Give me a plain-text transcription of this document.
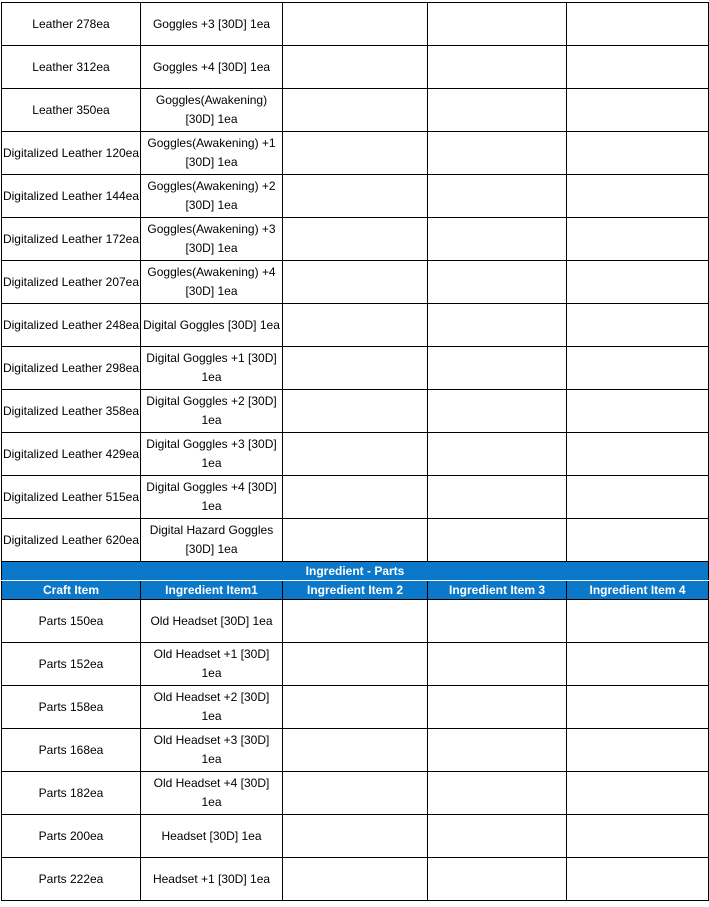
Leather 278ea	Goggles +3 [30D] 1ea			
Leather 312ea	Goggles +4 [30D] 1ea			
Leather 350ea	Goggles(Awakening) [30D] 1ea			
Digitalized Leather 120ea	Goggles(Awakening) +1 [30D] 1ea			
Digitalized Leather 144ea	Goggles(Awakening) +2 [30D] 1ea			
Digitalized Leather 172ea	Goggles(Awakening) +3 [30D] 1ea			
Digitalized Leather 207ea	Goggles(Awakening) +4 [30D] 1ea			
Digitalized Leather 248ea	Digital Goggles [30D] 1ea			
Digitalized Leather 298ea	Digital Goggles +1 [30D] 1ea			
Digitalized Leather 358ea	Digital Goggles +2 [30D] 1ea			
Digitalized Leather 429ea	Digital Goggles +3 [30D] 1ea			
Digitalized Leather 515ea	Digital Goggles +4 [30D] 1ea			
Digitalized Leather 620ea	Digital Hazard Goggles [30D] 1ea			
Ingredient - Parts				
Craft Item	Ingredient Item1	Ingredient Item 2	Ingredient Item 3	Ingredient Item 4
Parts 150ea	Old Headset [30D] 1ea			
Parts 152ea	Old Headset +1 [30D] 1ea			
Parts 158ea	Old Headset +2 [30D] 1ea			
Parts 168ea	Old Headset +3 [30D] 1ea			
Parts 182ea	Old Headset +4 [30D] 1ea			
Parts 200ea	Headset [30D] 1ea			
Parts 222ea	Headset +1 [30D] 1ea			
